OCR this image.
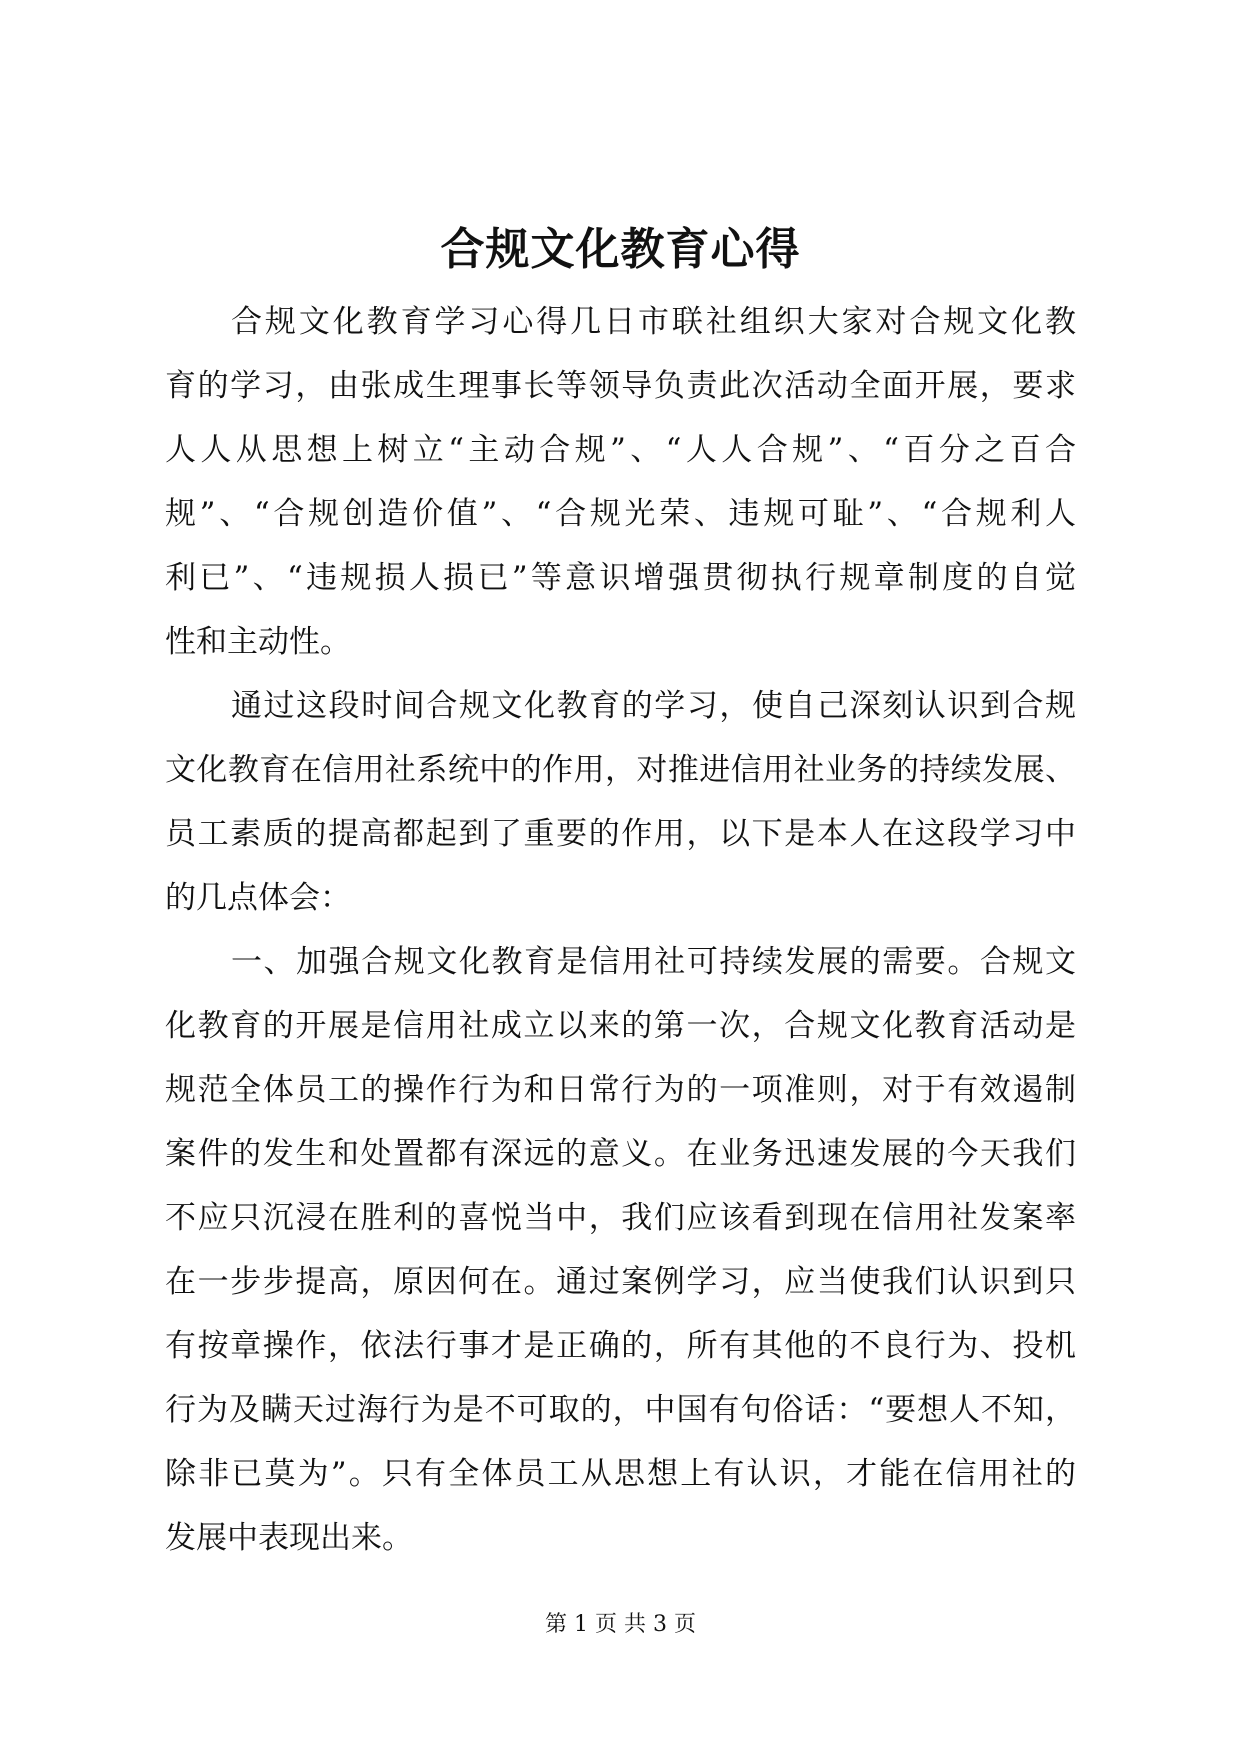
合规文化教育心得
合规文化教育学习心得几日市联社组织大家对合规文化教
育的学习，由张成生理事长等领导负责此次活动全面开展，要求
人人从思想上树立“主动合规”、“人人合规”、“百分之百合
规”、“合规创造价值”、“合规光荣、违规可耻”、“合规利人
利已”、“违规损人损已”等意识增强贯彻执行规章制度的自觉
性和主动性。
通过这段时间合规文化教育的学习，使自己深刻认识到合规
文化教育在信用社系统中的作用，对推进信用社业务的持续发展、
员工素质的提高都起到了重要的作用，以下是本人在这段学习中
的几点体会：
一、加强合规文化教育是信用社可持续发展的需要。合规文
化教育的开展是信用社成立以来的第一次，合规文化教育活动是
规范全体员工的操作行为和日常行为的一项准则，对于有效遏制
案件的发生和处置都有深远的意义。在业务迅速发展的今天我们
不应只沉浸在胜利的喜悦当中，我们应该看到现在信用社发案率
在一步步提高，原因何在。通过案例学习，应当使我们认识到只
有按章操作，依法行事才是正确的，所有其他的不良行为、投机
行为及瞒天过海行为是不可取的，中国有句俗话：“要想人不知，
除非已莫为”。只有全体员工从思想上有认识，才能在信用社的
发展中表现出来。
第 1 页 共 3 页
